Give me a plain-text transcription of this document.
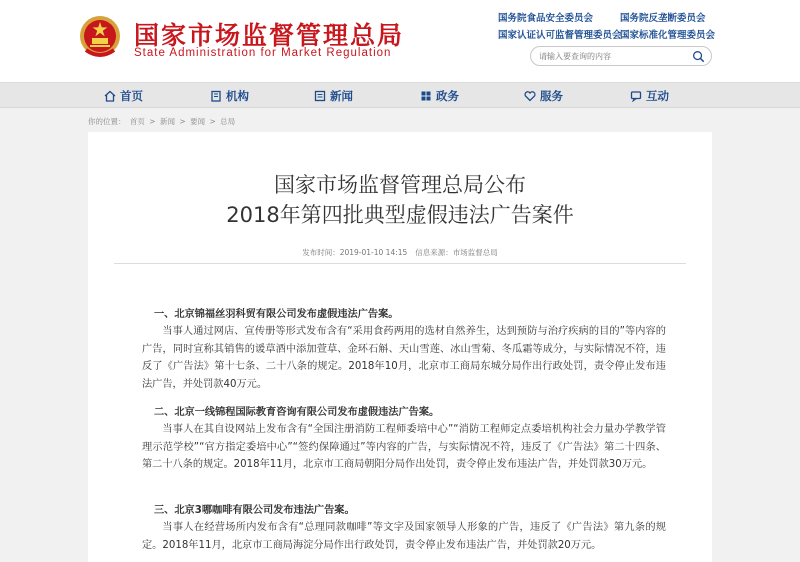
国家市场监督管理总局
State Administration for Market Regulation
国务院食品安全委员会	国务院反垄断委员会
国家认证认可监督管理委员会
国家标准化管理委员会
请输入要查询的内容
首页	机构	新闻	政务	服务	互动
你的位置： 首页 > 新闻 > 要闻 > 总局
国家市场监督管理总局公布
2018年第四批典型虚假违法广告案件
发布时间：2019-01-10 14:15 信息来源：市场监督总局
一、北京锦福丝羽科贸有限公司发布虚假违法广告案。
当事人通过网店、宣传册等形式发布含有“采用食药两用的选材自然养生，达到预防与治疗疾病的目的”等内容的广告，同时宣称其销售的谖草酒中添加萱草、金环石斛、天山雪莲、冰山雪菊、冬瓜霜等成分，与实际情况不符，违反了《广告法》第十七条、二十八条的规定。2018年10月，北京市工商局东城分局作出行政处罚，责令停止发布违法广告，并处罚款40万元。
二、北京一线锦程国际教育咨询有限公司发布虚假违法广告案。
当事人在其自设网站上发布含有“全国注册消防工程师委培中心”“消防工程师定点委培机构社会力量办学教学管理示范学校”“官方指定委培中心”“签约保障通过”等内容的广告，与实际情况不符，违反了《广告法》第二十四条、第二十八条的规定。2018年11月，北京市工商局朝阳分局作出处罚，责令停止发布违法广告，并处罚款30万元。
三、北京3哪咖啡有限公司发布违法广告案。
当事人在经营场所内发布含有“总理同款咖啡”等文字及国家领导人形象的广告，违反了《广告法》第九条的规定。2018年11月，北京市工商局海淀分局作出行政处罚，责令停止发布违法广告，并处罚款20万元。
